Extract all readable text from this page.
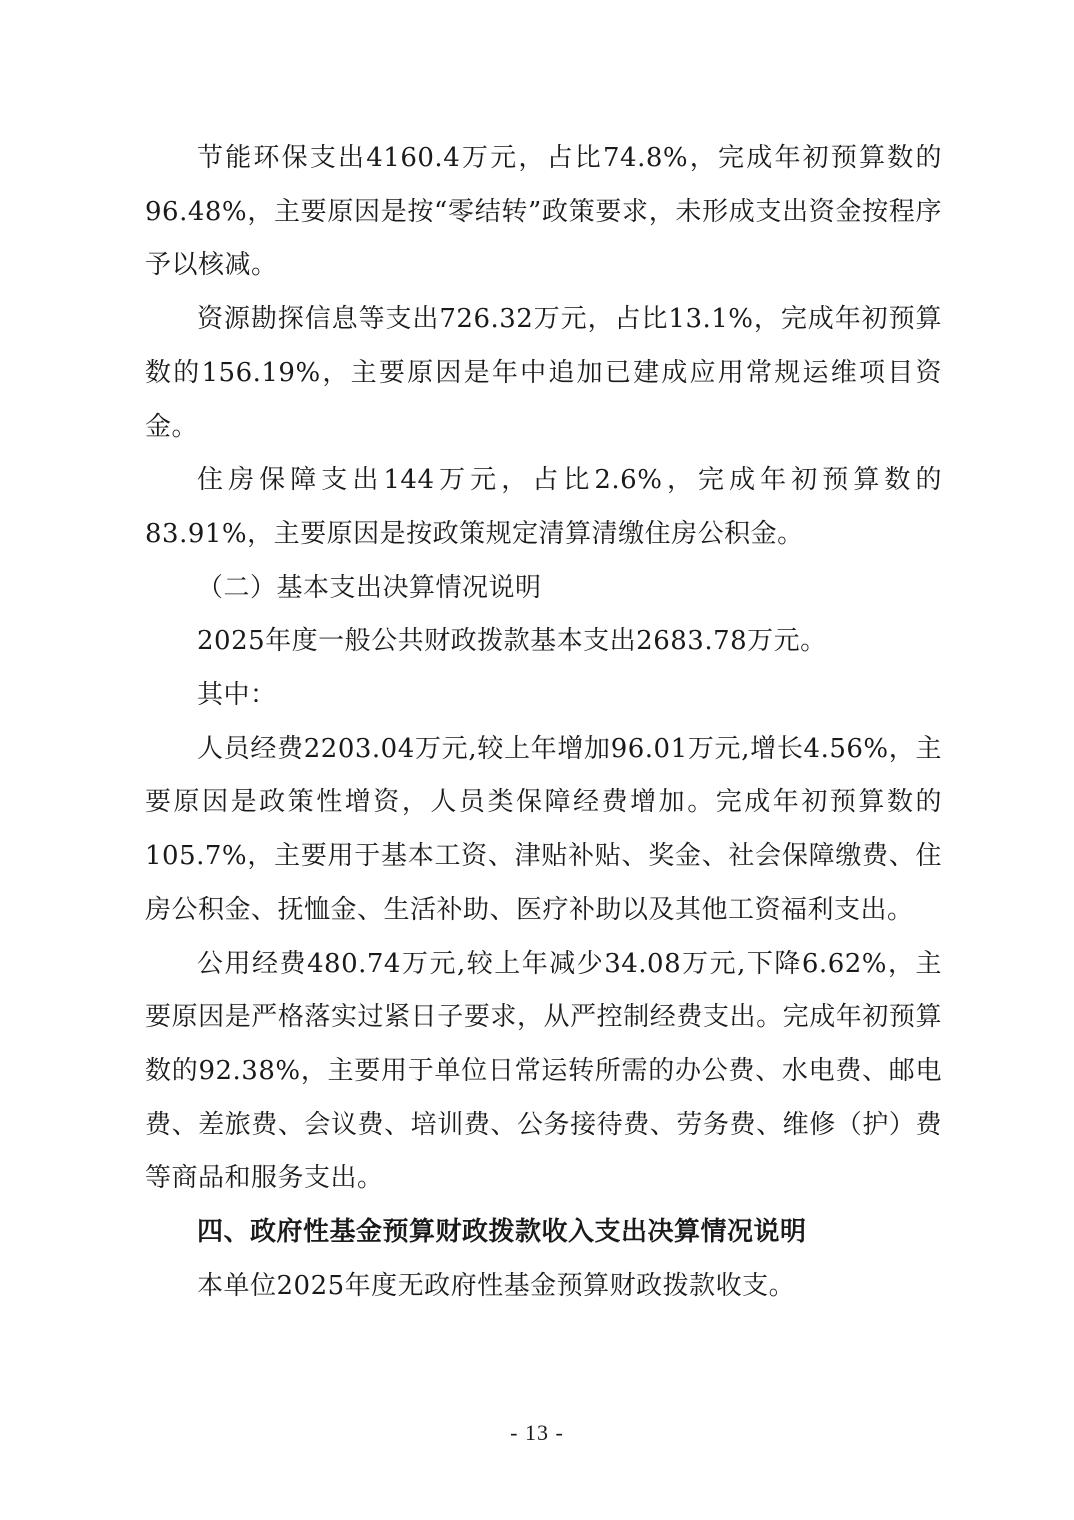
节能环保支出4160.4万元，占比74.8%，完成年初预算数的96.48%，主要原因是按“零结转”政策要求，未形成支出资金按程序予以核减。

资源勘探信息等支出726.32万元，占比13.1%，完成年初预算数的156.19%，主要原因是年中追加已建成应用常规运维项目资金。

住房保障支出144万元，占比2.6%，完成年初预算数的83.91%，主要原因是按政策规定清算清缴住房公积金。

（二）基本支出决算情况说明

2025年度一般公共财政拨款基本支出2683.78万元。

其中：

人员经费2203.04万元,较上年增加96.01万元,增长4.56%，主要原因是政策性增资，人员类保障经费增加。完成年初预算数的105.7%，主要用于基本工资、津贴补贴、奖金、社会保障缴费、住房公积金、抚恤金、生活补助、医疗补助以及其他工资福利支出。

公用经费480.74万元,较上年减少34.08万元,下降6.62%，主要原因是严格落实过紧日子要求，从严控制经费支出。完成年初预算数的92.38%，主要用于单位日常运转所需的办公费、水电费、邮电费、差旅费、会议费、培训费、公务接待费、劳务费、维修（护）费等商品和服务支出。

四、政府性基金预算财政拨款收入支出决算情况说明

本单位2025年度无政府性基金预算财政拨款收支。

- 13 -
